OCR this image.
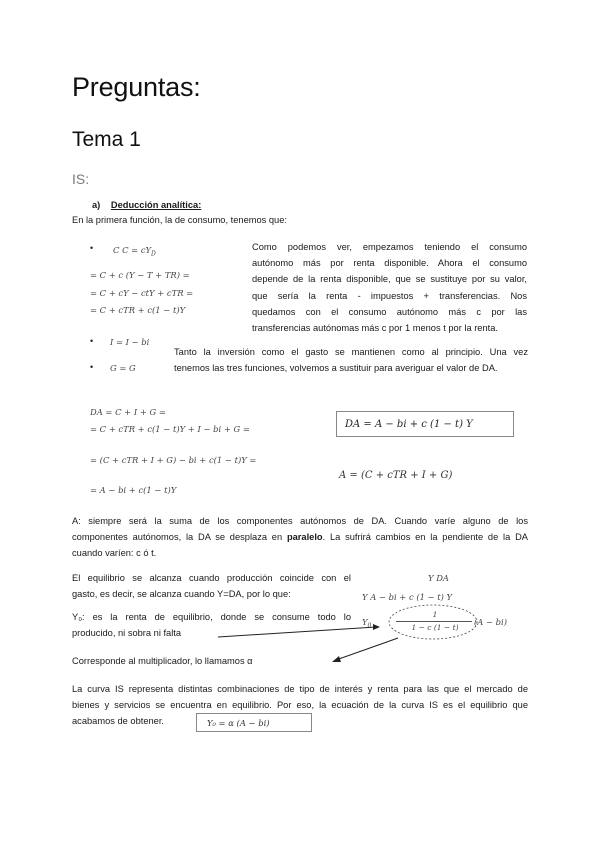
Preguntas:
Tema 1
IS:
a) Deducción analítica:
En la primera función, la de consumo, tenemos que:
• C $C = cY_D$
= C + c (Y − T + TR) =
= C + cY − ctY + cTR =
= C + cTR + c(1 − t)Y
Como podemos ver, empezamos teniendo el consumo
autónomo más por renta disponible. Ahora el consumo
depende de la renta disponible, que se sustituye por su valor,
que sería la renta - impuestos + transferencias. Nos
quedamos con el consumo autónomo más c por las
transferencias autónomas más c por 1 menos t por la renta.
• I = I − bi
• G = G
Tanto la inversión como el gasto se mantienen como al principio. Una vez
tenemos las tres funciones, volvemos a sustituir para averiguar el valor de DA.
DA = C + I + G =
= C + cTR + c(1 − t)Y + I − bi + G =
= (C + cTR + I + G) − bi + c(1 − t)Y =
= A − bi + c(1 − t)Y
DA = A − bi + c (1 − t) Y
A = (C + cTR + I + G)
A: siempre será la suma de los componentes autónomos de DA. Cuando varíe alguno de los
componentes autónomos, la DA se desplaza en paralelo. La sufrirá cambios en la pendiente de la DA
cuando varíen: c ó t.
El equilibrio se alcanza cuando producción coincide con el
gasto, es decir, se alcanza cuando Y=DA, por lo que:
Y DA
Y A − bi + c (1 − t) Y
$Y_0$
1
1 − c (1 − t)
(A − bi)
Y₀: es la renta de equilibrio, donde se consume todo lo
producido, ni sobra ni falta
Corresponde al multiplicador, lo llamamos α
La curva IS representa distintas combinaciones de tipo de interés y renta para las que el mercado de
bienes y servicios se encuentra en equilibrio. Por eso, la ecuación de la curva IS es el equilibrio que
acabamos de obtener.	Y₀ = α (A − bi)
